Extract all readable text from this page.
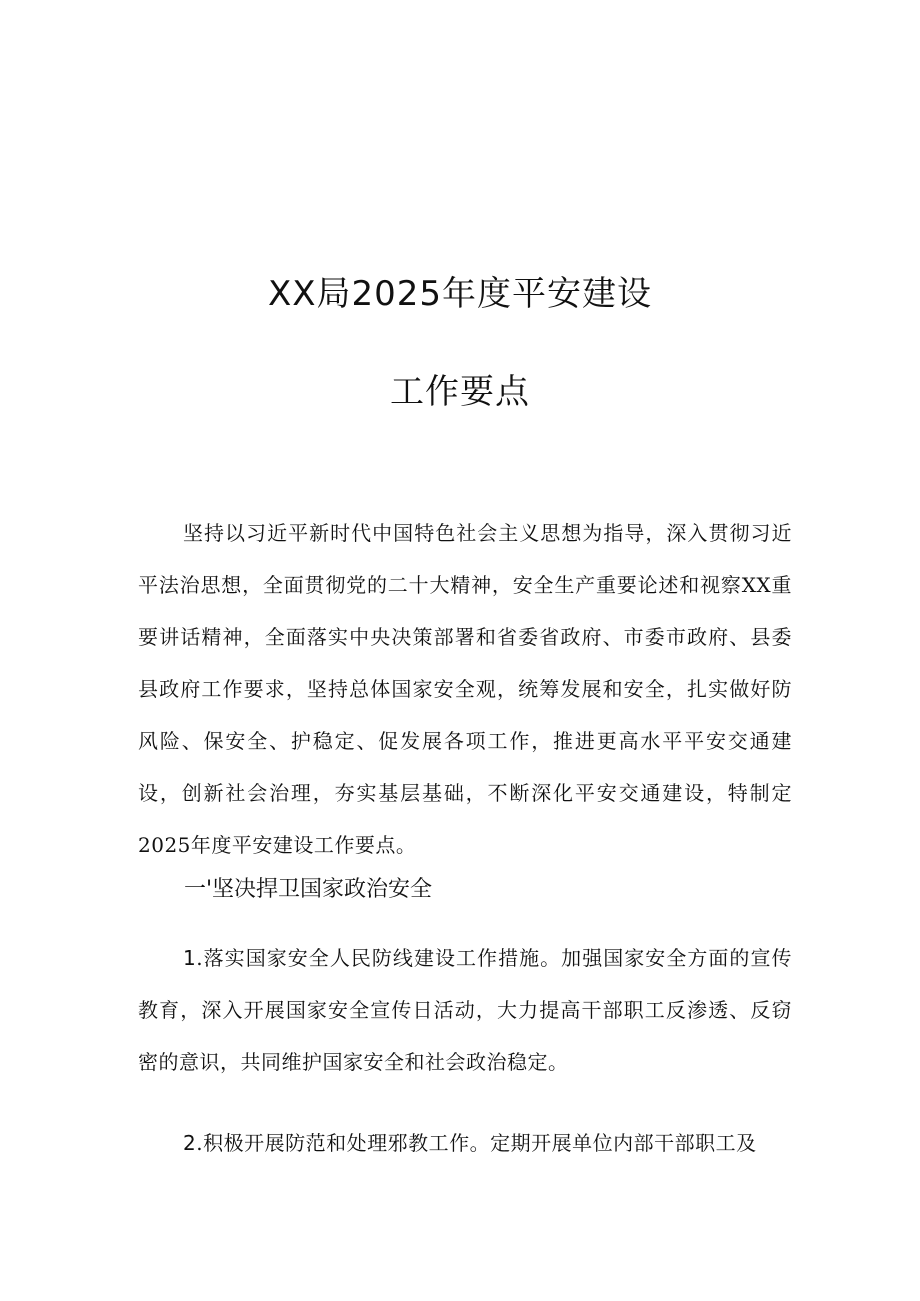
XX局2025年度平安建设
工作要点

坚持以习近平新时代中国特色社会主义思想为指导，深入贯彻习近平法治思想，全面贯彻党的二十大精神，安全生产重要论述和视察XX重要讲话精神，全面落实中央决策部署和省委省政府、市委市政府、县委县政府工作要求，坚持总体国家安全观，统筹发展和安全，扎实做好防风险、保安全、护稳定、促发展各项工作，推进更高水平平安交通建设，创新社会治理，夯实基层基础，不断深化平安交通建设，特制定2025年度平安建设工作要点。

一'坚决捍卫国家政治安全

1.落实国家安全人民防线建设工作措施。加强国家安全方面的宣传教育，深入开展国家安全宣传日活动，大力提高干部职工反渗透、反窃密的意识，共同维护国家安全和社会政治稳定。

2.积极开展防范和处理邪教工作。定期开展单位内部干部职工及
